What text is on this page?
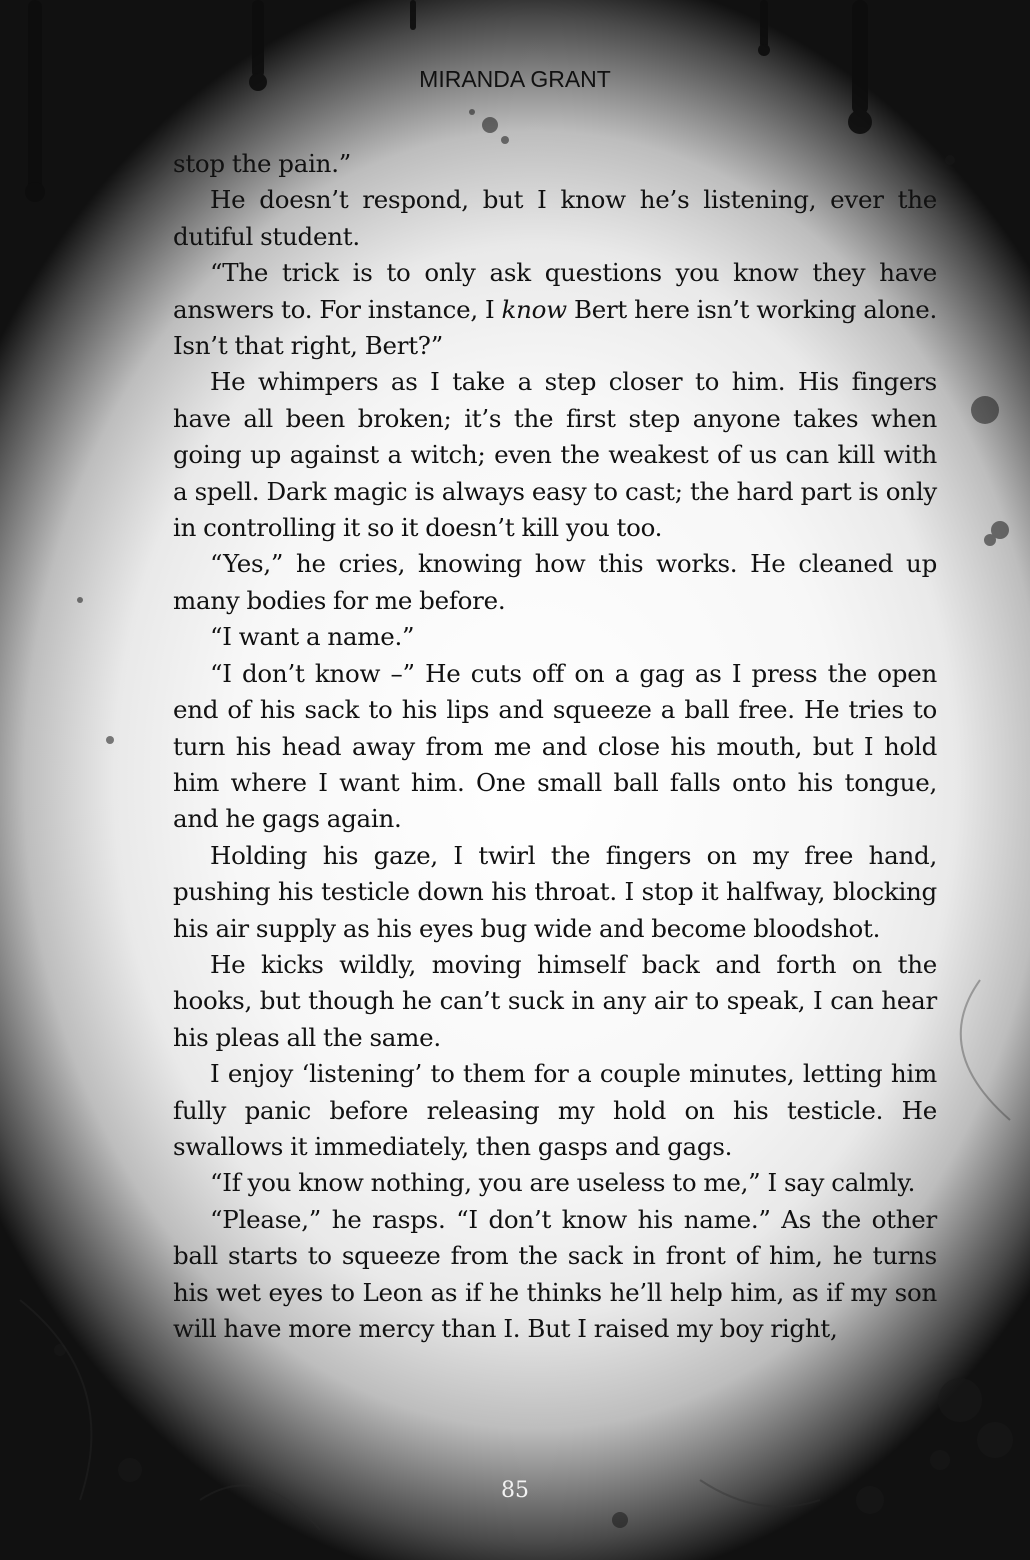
MIRANDA GRANT

stop the pain.”

He doesn’t respond, but I know he’s listening, ever the dutiful student.

“The trick is to only ask questions you know they have answers to. For instance, I know Bert here isn’t working alone. Isn’t that right, Bert?”

He whimpers as I take a step closer to him. His fingers have all been broken; it’s the first step anyone takes when going up against a witch; even the weakest of us can kill with a spell. Dark magic is always easy to cast; the hard part is only in controlling it so it doesn’t kill you too.

“Yes,” he cries, knowing how this works. He cleaned up many bodies for me before.

“I want a name.”

“I don’t know –” He cuts off on a gag as I press the open end of his sack to his lips and squeeze a ball free. He tries to turn his head away from me and close his mouth, but I hold him where I want him. One small ball falls onto his tongue, and he gags again.

Holding his gaze, I twirl the fingers on my free hand, pushing his testicle down his throat. I stop it halfway, blocking his air supply as his eyes bug wide and become bloodshot.

He kicks wildly, moving himself back and forth on the hooks, but though he can’t suck in any air to speak, I can hear his pleas all the same.

I enjoy ‘listening’ to them for a couple minutes, letting him fully panic before releasing my hold on his testicle. He swallows it immediately, then gasps and gags.

“If you know nothing, you are useless to me,” I say calmly.

“Please,” he rasps. “I don’t know his name.” As the other ball starts to squeeze from the sack in front of him, he turns his wet eyes to Leon as if he thinks he’ll help him, as if my son will have more mercy than I. But I raised my boy right,

85
